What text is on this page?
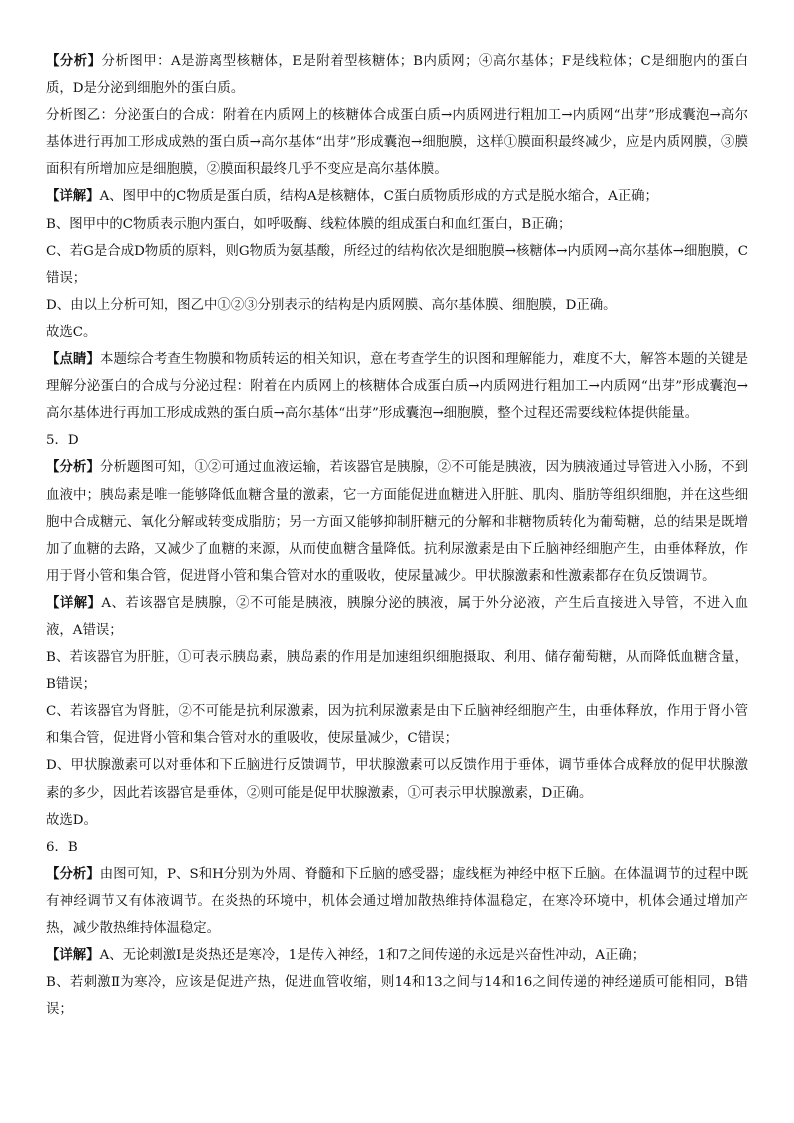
【分析】分析图甲：A是游离型核糖体，E是附着型核糖体；B内质网；④高尔基体；F是线粒体；C是细胞内的蛋白质，D是分泌到细胞外的蛋白质。

分析图乙：分泌蛋白的合成：附着在内质网上的核糖体合成蛋白质→内质网进行粗加工→内质网“出芽”形成囊泡→高尔基体进行再加工形成成熟的蛋白质→高尔基体“出芽”形成囊泡→细胞膜，这样①膜面积最终减少，应是内质网膜，③膜面积有所增加应是细胞膜，②膜面积最终几乎不变应是高尔基体膜。

【详解】A、图甲中的C物质是蛋白质，结构A是核糖体，C蛋白质物质形成的方式是脱水缩合，A正确；

B、图甲中的C物质表示胞内蛋白，如呼吸酶、线粒体膜的组成蛋白和血红蛋白，B正确；

C、若G是合成D物质的原料，则G物质为氨基酸，所经过的结构依次是细胞膜→核糖体→内质网→高尔基体→细胞膜，C错误；

D、由以上分析可知，图乙中①②③分别表示的结构是内质网膜、高尔基体膜、细胞膜，D正确。

故选C。

【点睛】本题综合考查生物膜和物质转运的相关知识，意在考查学生的识图和理解能力，难度不大，解答本题的关键是理解分泌蛋白的合成与分泌过程：附着在内质网上的核糖体合成蛋白质→内质网进行粗加工→内质网“出芽”形成囊泡→高尔基体进行再加工形成成熟的蛋白质→高尔基体“出芽”形成囊泡→细胞膜，整个过程还需要线粒体提供能量。

5．D

【分析】分析题图可知，①②可通过血液运输，若该器官是胰腺，②不可能是胰液，因为胰液通过导管进入小肠，不到血液中；胰岛素是唯一能够降低血糖含量的激素，它一方面能促进血糖进入肝脏、肌肉、脂肪等组织细胞，并在这些细胞中合成糖元、氧化分解或转变成脂肪；另一方面又能够抑制肝糖元的分解和非糖物质转化为葡萄糖，总的结果是既增加了血糖的去路，又减少了血糖的来源，从而使血糖含量降低。抗利尿激素是由下丘脑神经细胞产生，由垂体释放，作用于肾小管和集合管，促进肾小管和集合管对水的重吸收，使尿量减少。甲状腺激素和性激素都存在负反馈调节。

【详解】A、若该器官是胰腺，②不可能是胰液，胰腺分泌的胰液，属于外分泌液，产生后直接进入导管，不进入血液，A错误；

B、若该器官为肝脏，①可表示胰岛素，胰岛素的作用是加速组织细胞摄取、利用、储存葡萄糖，从而降低血糖含量，B错误；

C、若该器官为肾脏，②不可能是抗利尿激素，因为抗利尿激素是由下丘脑神经细胞产生，由垂体释放，作用于肾小管和集合管，促进肾小管和集合管对水的重吸收，使尿量减少，C错误；

D、甲状腺激素可以对垂体和下丘脑进行反馈调节，甲状腺激素可以反馈作用于垂体，调节垂体合成释放的促甲状腺激素的多少，因此若该器官是垂体，②则可能是促甲状腺激素，①可表示甲状腺激素，D正确。

故选D。

6．B

【分析】由图可知，P、S和H分别为外周、脊髓和下丘脑的感受器；虚线框为神经中枢下丘脑。在体温调节的过程中既有神经调节又有体液调节。在炎热的环境中，机体会通过增加散热维持体温稳定，在寒冷环境中，机体会通过增加产热，减少散热维持体温稳定。

【详解】A、无论刺激Ⅰ是炎热还是寒冷，1是传入神经，1和7之间传递的永远是兴奋性冲动，A正确；

B、若刺激Ⅱ为寒冷，应该是促进产热，促进血管收缩，则14和13之间与14和16之间传递的神经递质可能相同，B错误；
